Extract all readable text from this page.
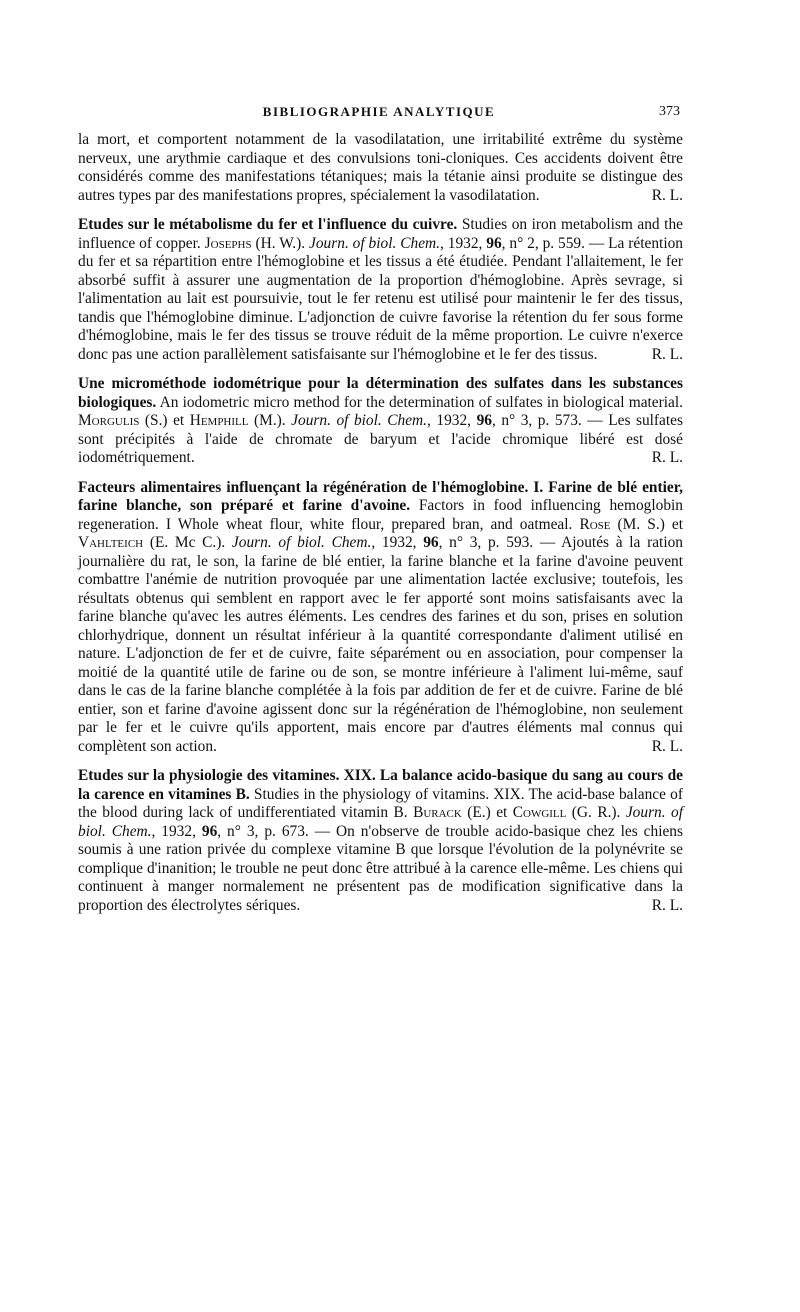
BIBLIOGRAPHIE ANALYTIQUE	373

la mort, et comportent notamment de la vasodilatation, une irritabilité extrême du système nerveux, une arythmie cardiaque et des convulsions toni-cloniques. Ces accidents doivent être considérés comme des manifestations tétaniques; mais la tétanie ainsi produite se distingue des autres types par des manifestations propres, spécialement la vasodilatation.	R. L.

Etudes sur le métabolisme du fer et l'influence du cuivre. Studies on iron metabolism and the influence of copper. Josephs (H. W.). Journ. of biol. Chem., 1932, 96, n° 2, p. 559. — La rétention du fer et sa répartition entre l'hémoglobine et les tissus a été étudiée. Pendant l'allaitement, le fer absorbé suffit à assurer une augmentation de la proportion d'hémoglobine. Après sevrage, si l'alimentation au lait est poursuivie, tout le fer retenu est utilisé pour maintenir le fer des tissus, tandis que l'hémoglobine diminue. L'adjonction de cuivre favorise la rétention du fer sous forme d'hémoglobine, mais le fer des tissus se trouve réduit de la même proportion. Le cuivre n'exerce donc pas une action parallèlement satisfaisante sur l'hémoglobine et le fer des tissus.	R. L.

Une microméthode iodométrique pour la détermination des sulfates dans les substances biologiques. An iodometric micro method for the determination of sulfates in biological material. Morgulis (S.) et Hemphill (M.). Journ. of biol. Chem., 1932, 96, n° 3, p. 573. — Les sulfates sont précipités à l'aide de chromate de baryum et l'acide chromique libéré est dosé iodométriquement.	R. L.

Facteurs alimentaires influençant la régénération de l'hémoglobine. I. Farine de blé entier, farine blanche, son préparé et farine d'avoine. Factors in food influencing hemoglobin regeneration. I Whole wheat flour, white flour, prepared bran, and oatmeal. Rose (M. S.) et Vahlteich (E. Mc C.). Journ. of biol. Chem., 1932, 96, n° 3, p. 593. — Ajoutés à la ration journalière du rat, le son, la farine de blé entier, la farine blanche et la farine d'avoine peuvent combattre l'anémie de nutrition provoquée par une alimentation lactée exclusive; toutefois, les résultats obtenus qui semblent en rapport avec le fer apporté sont moins satisfaisants avec la farine blanche qu'avec les autres éléments. Les cendres des farines et du son, prises en solution chlorhydrique, donnent un résultat inférieur à la quantité correspondante d'aliment utilisé en nature. L'adjonction de fer et de cuivre, faite séparément ou en association, pour compenser la moitié de la quantité utile de farine ou de son, se montre inférieure à l'aliment lui-même, sauf dans le cas de la farine blanche complétée à la fois par addition de fer et de cuivre. Farine de blé entier, son et farine d'avoine agissent donc sur la régénération de l'hémoglobine, non seulement par le fer et le cuivre qu'ils apportent, mais encore par d'autres éléments mal connus qui complètent son action.	R. L.

Etudes sur la physiologie des vitamines. XIX. La balance acido-basique du sang au cours de la carence en vitamines B. Studies in the physiology of vitamins. XIX. The acid-base balance of the blood during lack of undifferentiated vitamin B. Burack (E.) et Cowgill (G. R.). Journ. of biol. Chem., 1932, 96, n° 3, p. 673. — On n'observe de trouble acido-basique chez les chiens soumis à une ration privée du complexe vitamine B que lorsque l'évolution de la polynévrite se complique d'inanition; le trouble ne peut donc être attribué à la carence elle-même. Les chiens qui continuent à manger normalement ne présentent pas de modification significative dans la proportion des électrolytes sériques.	R. L.
